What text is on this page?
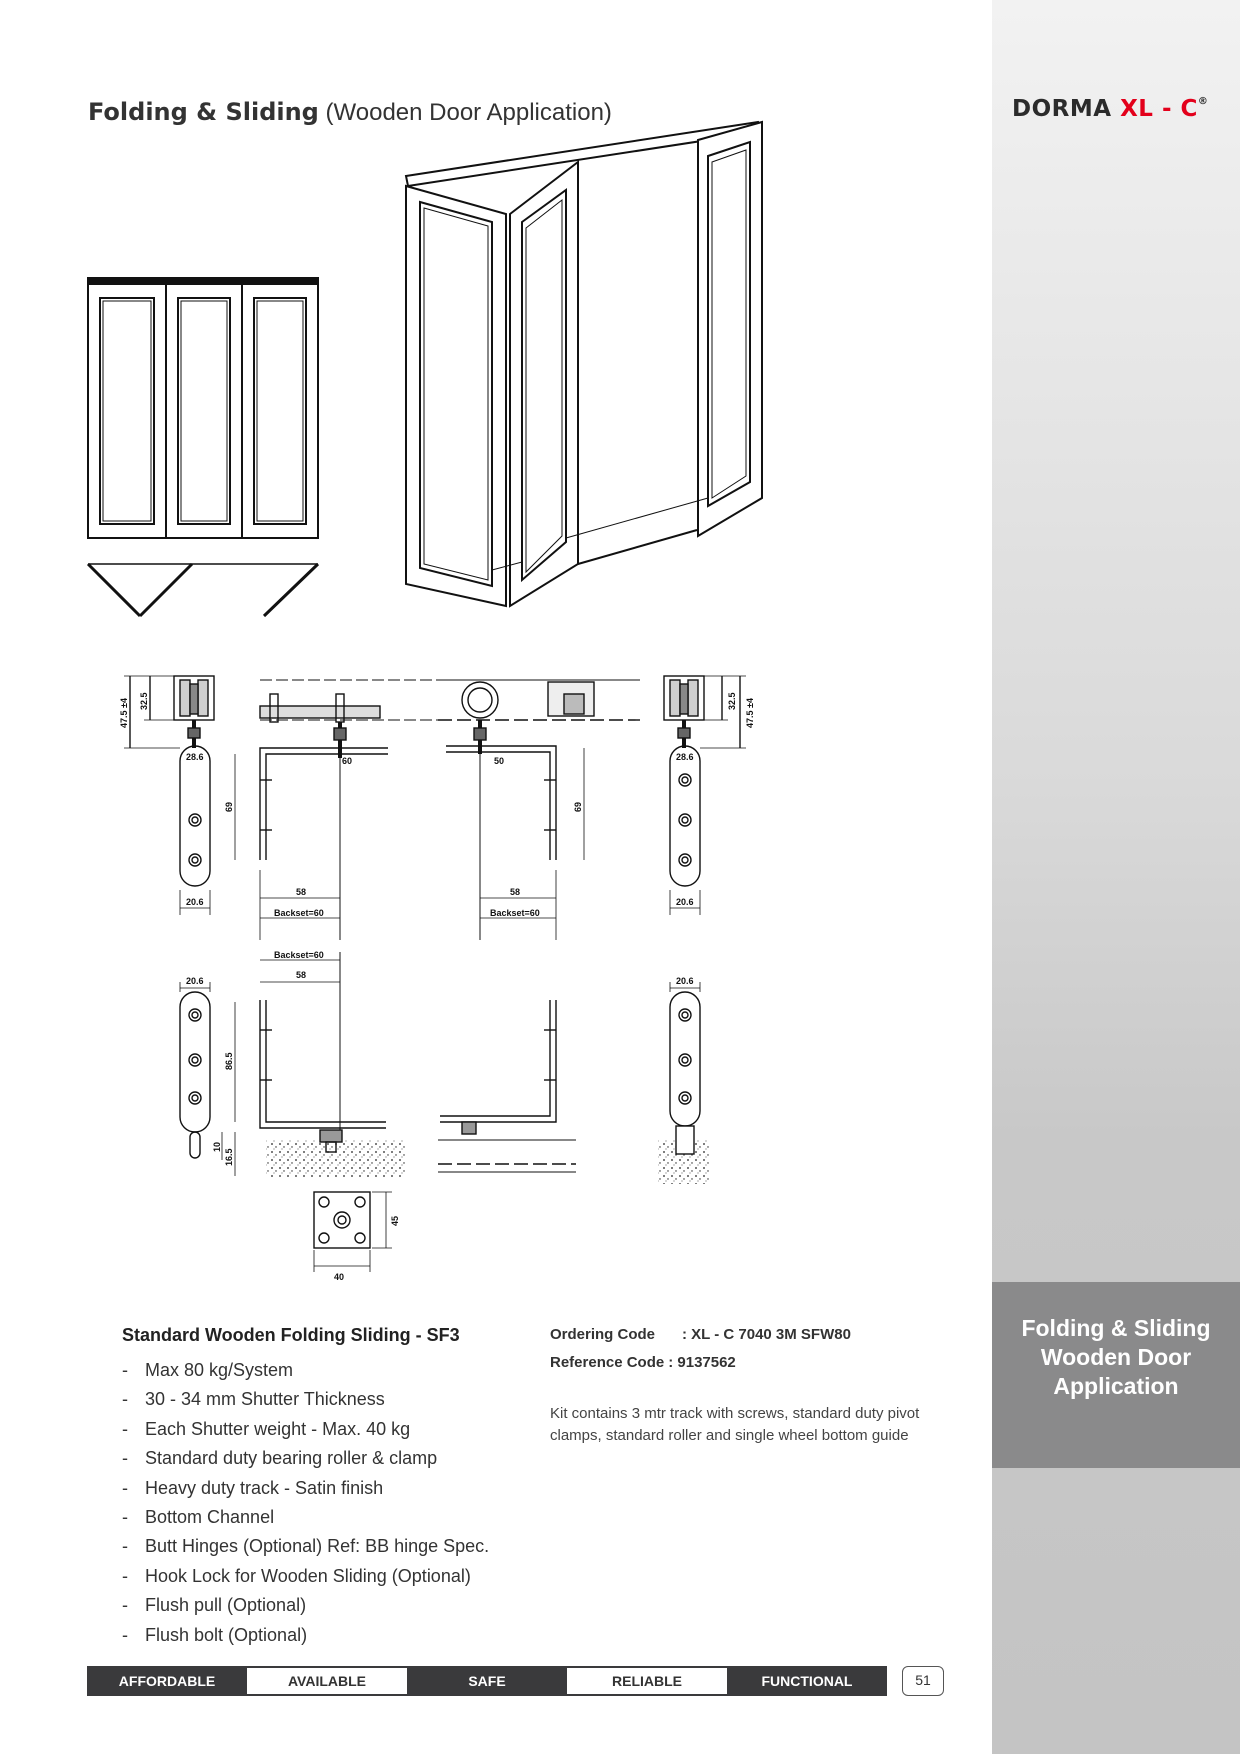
DORMA XL - C®
Folding & Sliding Wooden Door Application
Folding & Sliding (Wooden Door Application)
47.5 ±4 32.5
28.6
20.6
69
58
Backset=60
60	50
69
58
Backset=60
32.5 47.5 ±4
28.6
20.6
Backset=60
58
20.6	20.6
86.5
10
16.5
45
40
Standard Wooden Folding Sliding - SF3
- Max 80 kg/System
- 30 - 34 mm Shutter Thickness
- Each Shutter weight - Max. 40 kg
- Standard duty bearing roller & clamp
- Heavy duty track - Satin finish
- Bottom Channel
- Butt Hinges (Optional) Ref: BB hinge Spec.
- Hook Lock for Wooden Sliding (Optional)
- Flush pull (Optional)
- Flush bolt (Optional)
Ordering Code : XL - C 7040 3M SFW80
Reference Code : 9137562
Kit contains 3 mtr track with screws, standard duty pivot clamps, standard roller and single wheel bottom guide
AFFORDABLE	AVAILABLE	SAFE	RELIABLE	FUNCTIONAL	51
